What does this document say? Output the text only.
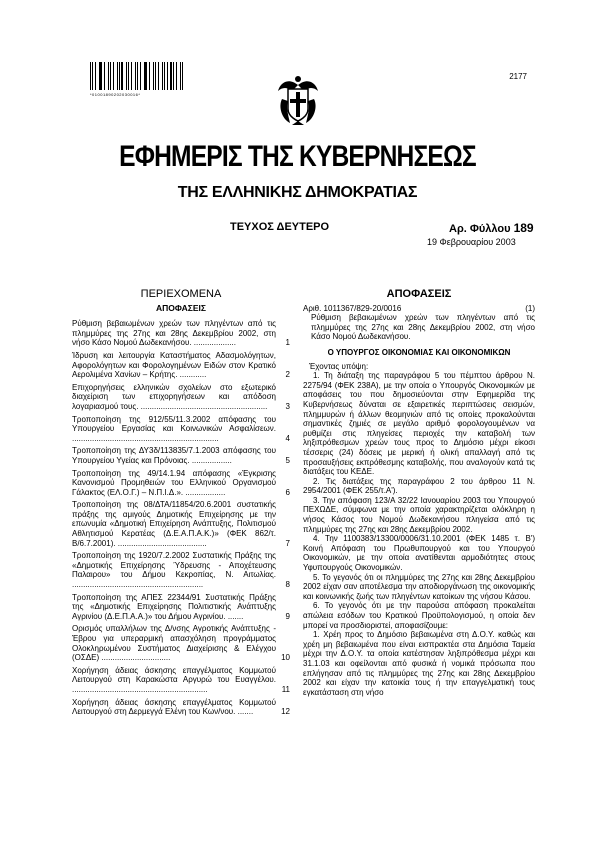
*01001890202030016*
2177
ΕΦΗΜΕΡΙΣ ΤΗΣ ΚΥΒΕΡΝΗΣΕΩΣ
ΤΗΣ ΕΛΛΗΝΙΚΗΣ ΔΗΜΟΚΡΑΤΙΑΣ
ΤΕΥΧΟΣ ΔΕΥΤΕΡΟ	Αρ. Φύλλου 189
19 Φεβρουαρίου 2003
ΠΕΡΙΕΧΟΜΕΝΑ
ΑΠΟΦΑΣΕΙΣ
Ρύθμιση βεβαιωμένων χρεών των πληγέντων από τις πλημμύρες της 27ης και 28ης Δεκεμβρίου 2002, στη νήσο Κάσο Νομού Δωδεκανήσου. ...................	1
Ίδρυση και λειτουργία Καταστήματος Αδασμολόγητων, Αφορολόγητων και Φορολογημένων Ειδών στον Κρατικό Αερολιμένα Χανίων – Κρήτης. ............	2
Επιχορηγήσεις ελληνικών σχολείων στο εξωτερικό διαχείριση των επιχορηγήσεων και απόδοση λογαριασμού τους. .........................................................	3
Τροποποίηση της 912/55/11.3.2002 απόφασης του Υπουργείου Εργασίας και Κοινωνικών Ασφαλίσεων. ..................................................................	4
Τροποποίηση της ΔΥ3δ/113835/7.1.2003 απόφασης του Υπουργείου Υγείας και Πρόνοιας. ..................	5
Τροποποίηση της 49/14.1.94 απόφασης «Έγκρισης Κανονισμού Προμηθειών του Ελληνικού Οργανισμού Γάλακτος (ΕΛ.Ο.Γ.) – Ν.Π.Ι.Δ.». ..................	6
Τροποποίηση της 08/ΔΤΑ/11854/20.6.2001 συστατικής πράξης της αμιγούς Δημοτικής Επιχείρησης με την επωνυμία «Δημοτική Επιχείρηση Ανάπτυξης, Πολιτισμού Αθλητισμού Κερατέας (Δ.Ε.Α.Π.Α.Κ.)» (ΦΕΚ 862/τ. Β/6.7.2001). ........................................	7
Τροποποίηση της 1920/7.2.2002 Συστατικής Πράξης της «Δημοτικής Επιχείρησης Ύδρευσης - Αποχέτευσης Παλαιρου» του Δήμου Κεκροπίας, Ν. Αιτωλίας. ...........................................................	8
Τροποποίηση της ΑΠΕΣ 22344/91 Συστατικής Πράξης της «Δημοτικής Επιχείρησης Πολιτιστικής Ανάπτυξης Αγρινίου (Δ.Ε.Π.Α.Α.)» του Δήμου Αγρινίου. .......	9
Ορισμός υπαλλήλων της Δ/νσης Αγροτικής Ανάπτυξης - Έβρου για υπεραρμική απασχόληση προγράμματος Ολοκληρωμένου Συστήματος Διαχείρισης & Ελέγχου (ΟΣΔΕ) ...............................	10
Χορήγηση άδειας άσκησης επαγγέλματος Κομμωτού Λειτουργού στη Καρακώστα Αργυρώ του Ευαγγέλου. .............................................................	11
Χορήγηση άδειας άσκησης επαγγέλματος Κομμωτού Λειτουργού στη Δερμεγγά Ελένη του Κων/νου. .......	12
ΑΠΟΦΑΣΕΙΣ
Αριθ. 1011367/829-20/0016	(1)
Ρύθμιση βεβαιωμένων χρεών των πληγέντων από τις πλημμύρες της 27ης και 28ης Δεκεμβρίου 2002, στη νήσο Κάσο Νομού Δωδεκανήσου.
Ο ΥΠΟΥΡΓΟΣ ΟΙΚΟΝΟΜΙΑΣ ΚΑΙ ΟΙΚΟΝΟΜΙΚΩΝ
Έχοντας υπόψη:
1. Τη διάταξη της παραγράφου 5 του πέμπτου άρθρου Ν. 2275/94 (ΦΕΚ 238Α), με την οποία ο Υπουργός Οικονομικών με αποφάσεις του που δημοσιεύονται στην Εφημερίδα της Κυβερνήσεως δύναται σε εξαιρετικές περιπτώσεις σεισμών, πλημμυρών ή άλλων θεομηνιών από τις οποίες προκαλούνται σημαντικές ζημιές σε μεγάλο αριθμό φορολογουμένων να ρυθμίζει στις πληγείσες περιοχές την καταβολή των ληξιπρόθεσμων χρεών τους προς το Δημόσιο μέχρι είκοσι τέσσερις (24) δόσεις με μερική ή ολική απαλλαγή από τις προσαυξήσεις εκπρόθεσμης καταβολής, που αναλογούν κατά τις διατάξεις του ΚΕΔΕ.
2. Τις διατάξεις της παραγράφου 2 του άρθρου 11 Ν. 2954/2001 (ΦΕΚ 255/τ.Α').
3. Την απόφαση 123/Α 32/22 Ιανουαρίου 2003 του Υπουργού ΠΕΧΩΔΕ, σύμφωνα με την οποία χαρακτηρίζεται ολόκληρη η νήσος Κάσος του Νομού Δωδεκανήσου πληγείσα από τις πλημμύρες της 27ης και 28ης Δεκεμβρίου 2002.
4. Την 1100383/13300/0006/31.10.2001 (ΦΕΚ 1485 τ. Β') Κοινή Απόφαση του Πρωθυπουργού και του Υπουργού Οικονομικών, με την οποία ανατίθενται αρμοδιότητες στους Υφυπουργούς Οικονομικών.
5. Το γεγονός ότι οι πλημμύρες της 27ης και 28ης Δεκεμβρίου 2002 είχαν σαν αποτέλεσμα την αποδιοργάνωση της οικονομικής και κοινωνικής ζωής των πληγέντων κατοίκων της νήσου Κάσου.
6. Το γεγονός ότι με την παρούσα απόφαση προκαλείται απώλεια εσόδων του Κρατικού Προϋπολογισμού, η οποία δεν μπορεί να προσδιοριστεί, αποφασίζουμε:
1. Χρέη προς το Δημόσιο βεβαιωμένα στη Δ.Ο.Υ. καθώς και χρέη μη βεβαιωμένα που είναι εισπρακτέα στα Δημόσια Ταμεία μέχρι την Δ.Ο.Υ. τα οποία κατέστησαν ληξιπρόθεσμα μέχρι και 31.1.03 και οφείλονται από φυσικά ή νομικά πρόσωπα που επλήγησαν από τις πλημμύρες της 27ης και 28ης Δεκεμβρίου 2002 και είχαν την κατοικία τους ή την επαγγελματική τους εγκατάσταση στη νήσο
